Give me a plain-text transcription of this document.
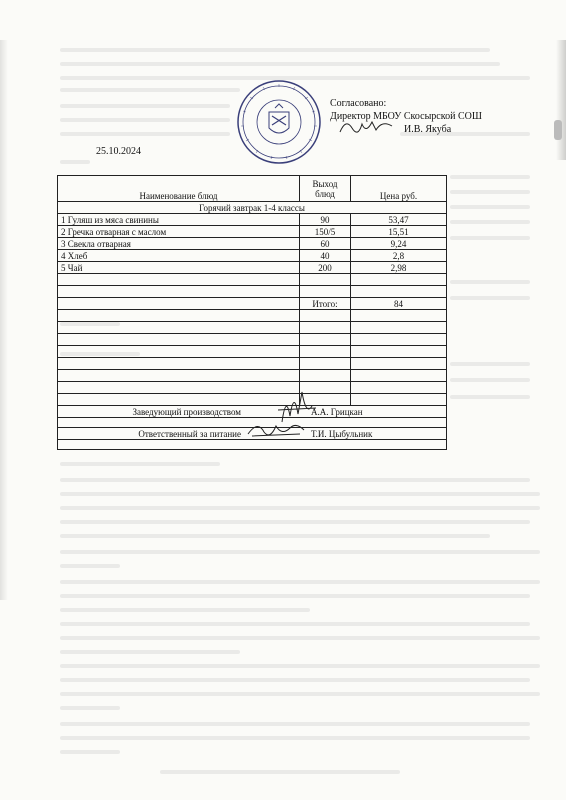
Согласовано:
Директор МБОУ Скосырской СОШ
И.В. Якуба
25.10.2024
Наименование блюд	Выход блюд	Цена руб.
Горячий завтрак 1-4 классы		
1 Гуляш из мяса свинины	90	53,47
2 Гречка отварная с маслом	150/5	15,51
3 Свекла отварная	60	9,24
4 Хлеб	40	2,8
5 Чай	200	2,98

	Итого:	84

Заведующий производством А.А. Грицкан		

Ответственный за питание Т.И. Цыбульник		
